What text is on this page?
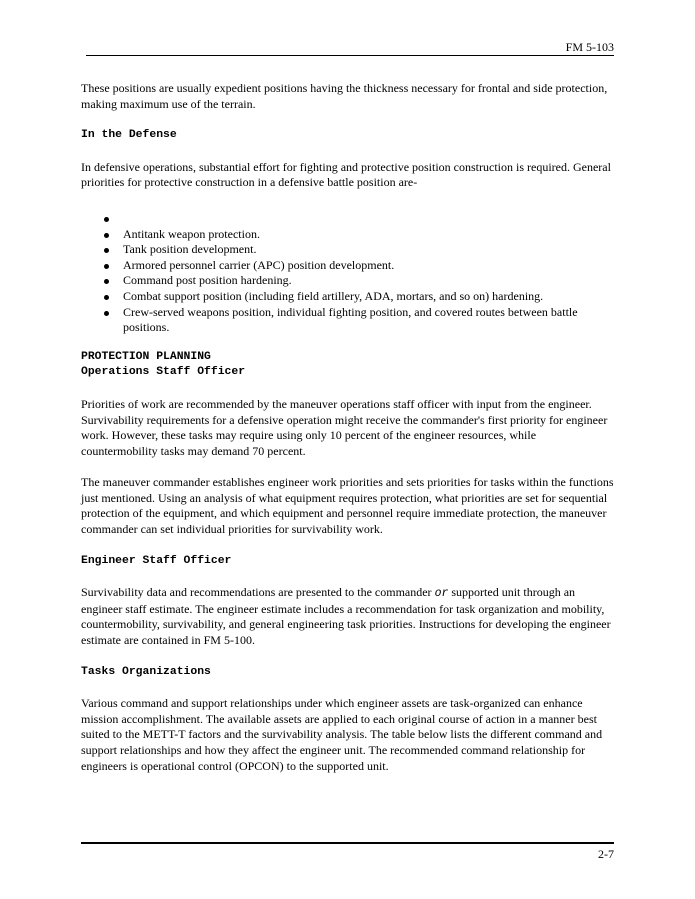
FM 5-103

These positions are usually expedient positions having the thickness necessary for frontal and side protection, making maximum use of the terrain.

In the Defense

In defensive operations, substantial effort for fighting and protective position construction is required. General priorities for protective construction in a defensive battle position are-

Antitank weapon protection.
Tank position development.
Armored personnel carrier (APC) position development.
Command post position hardening.
Combat support position (including field artillery, ADA, mortars, and so on) hardening.
Crew-served weapons position, individual fighting position, and covered routes between battle positions.

PROTECTION PLANNING

Operations Staff Officer

Priorities of work are recommended by the maneuver operations staff officer with input from the engineer. Survivability requirements for a defensive operation might receive the commander's first priority for engineer work. However, these tasks may require using only 10 percent of the engineer resources, while countermobility tasks may demand 70 percent.

The maneuver commander establishes engineer work priorities and sets priorities for tasks within the functions just mentioned. Using an analysis of what equipment requires protection, what priorities are set for sequential protection of the equipment, and which equipment and personnel require immediate protection, the maneuver commander can set individual priorities for survivability work.

Engineer Staff Officer

Survivability data and recommendations are presented to the commander or supported unit through an engineer staff estimate. The engineer estimate includes a recommendation for task organization and mobility, countermobility, survivability, and general engineering task priorities. Instructions for developing the engineer estimate are contained in FM 5-100.

Tasks Organizations

Various command and support relationships under which engineer assets are task-organized can enhance mission accomplishment. The available assets are applied to each original course of action in a manner best suited to the METT-T factors and the survivability analysis. The table below lists the different command and support relationships and how they affect the engineer unit. The recommended command relationship for engineers is operational control (OPCON) to the supported unit.

2-7
